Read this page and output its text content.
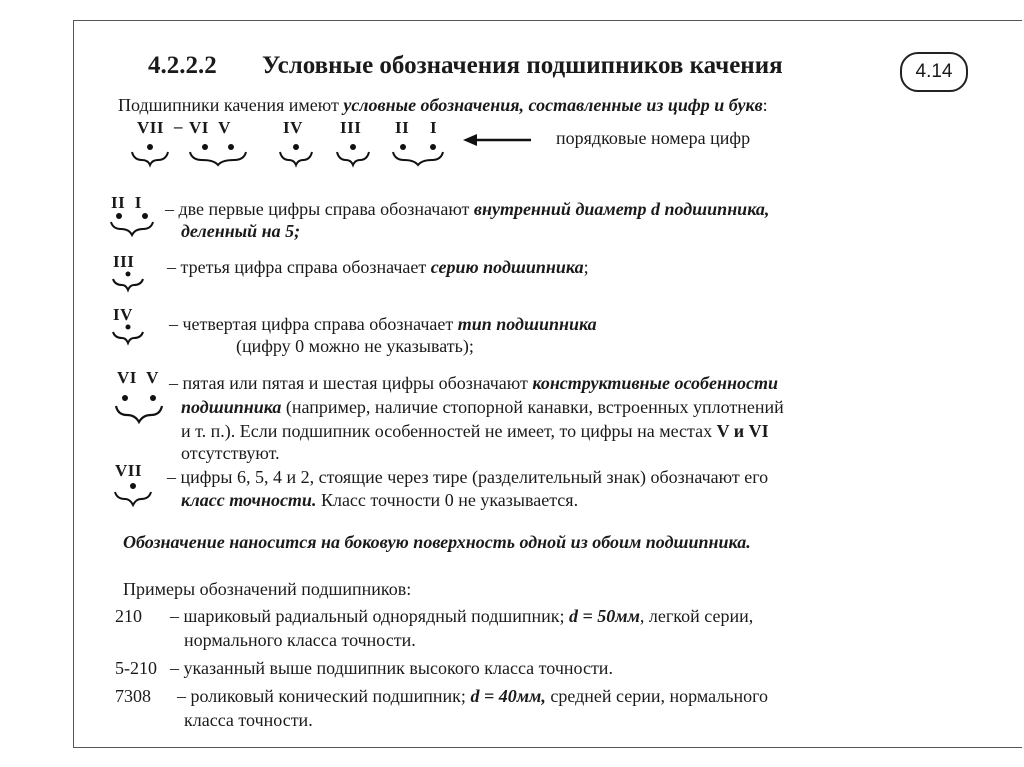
4.2.2.2 Условные обозначения подшипников качения	4.14
Подшипники качения имеют условные обозначения, составленные из цифр и букв:
VII – VI  V	IV III II I
порядковые номера цифр
II  I – две первые цифры справа обозначают внутренний диаметр d подшипника,
деленный на 5;
III – третья цифра справа обозначает серию подшипника;
IV – четвертая цифра справа обозначает тип подшипника
(цифру 0 можно не указывать);
VI  V – пятая или пятая и шестая цифры обозначают конструктивные особенности
подшипника (например, наличие стопорной канавки, встроенных уплотнений
и т. п.). Если подшипник особенностей не имеет, то цифры на местах V и VI
отсутствуют.
VII – цифры 6, 5, 4 и 2, стоящие через тире (разделительный знак) обозначают его
класс точности. Класс точности 0 не указывается.
Обозначение наносится на боковую поверхность одной из обоим подшипника.
Примеры обозначений подшипников:
210 – шариковый радиальный однорядный подшипник; d = 50мм, легкой серии,
нормального класса точности.
5-210 – указанный выше подшипник высокого класса точности.
7308 – роликовый конический подшипник; d = 40мм, средней серии, нормального
класса точности.
